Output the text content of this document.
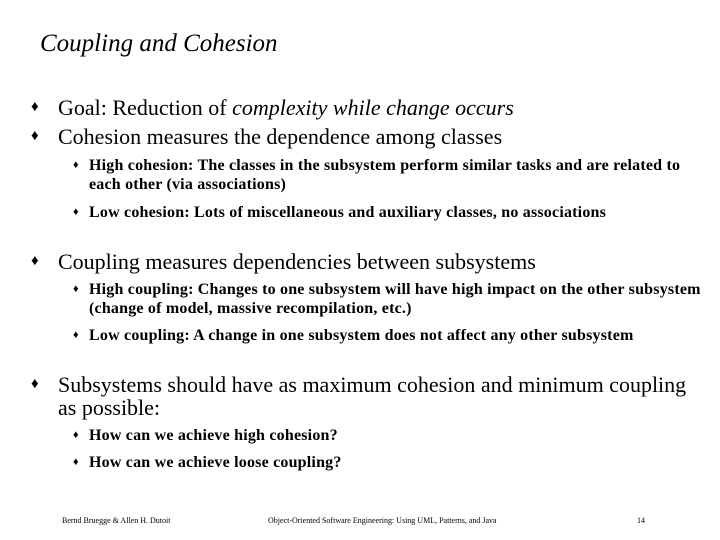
Coupling and Cohesion
♦ Goal: Reduction of complexity while change occurs
♦ Cohesion measures the dependence among classes
♦ High cohesion: The classes in the subsystem perform similar tasks and are related to each other (via associations)
♦ Low cohesion: Lots of miscellaneous and auxiliary classes, no associations
♦ Coupling measures dependencies between subsystems
♦ High coupling: Changes to one subsystem will have high impact on the other subsystem (change of model, massive recompilation, etc.)
♦ Low coupling: A change in one subsystem does not affect any other subsystem
♦ Subsystems should have as maximum cohesion and minimum coupling as possible:
♦ How can we achieve high cohesion?
♦ How can we achieve loose coupling?
Bernd Bruegge & Allen H. Dutoit	Object-Oriented Software Engineering: Using UML, Patterns, and Java	14
